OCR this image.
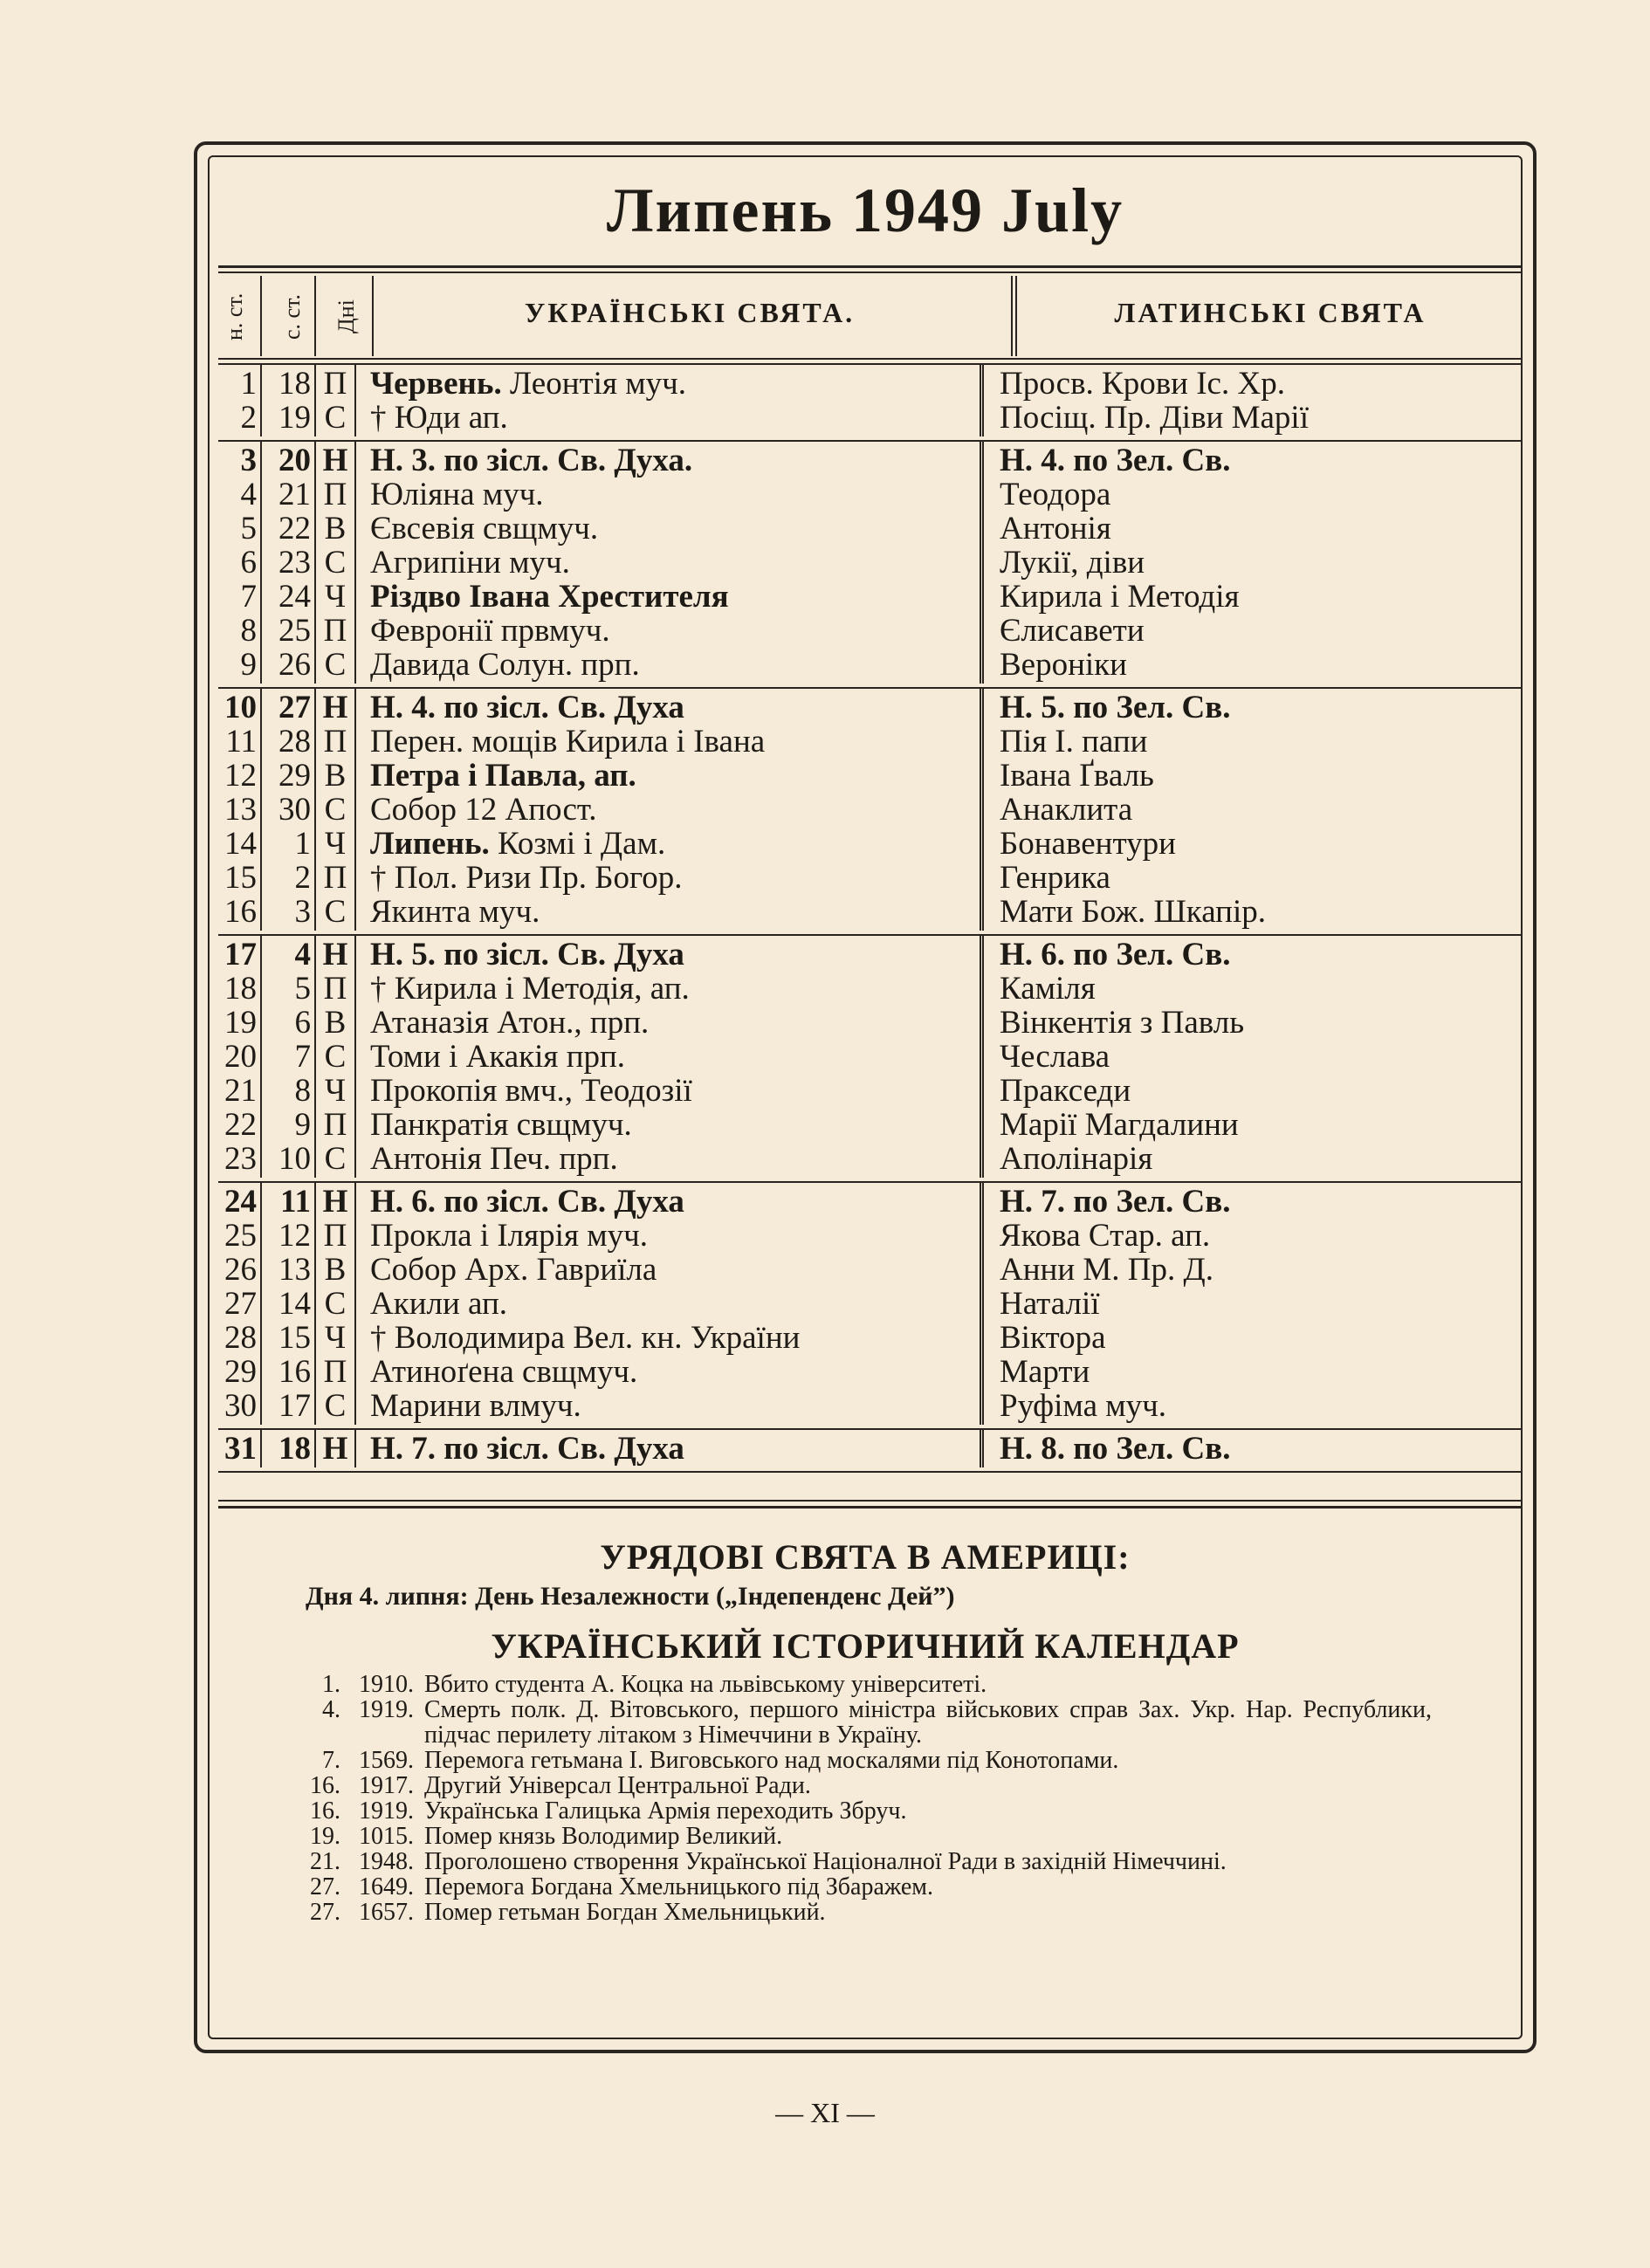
Липень 1949 July
н. ст. с. ст. Дні	УКРАЇНСЬКІ СВЯТА.	ЛАТИНСЬКІ СВЯТА
1 18 П Червень. Леонтія муч.	Просв. Крови Іс. Хр.
2 19 С † Юди ап.	Посіщ. Пр. Діви Марії
3 20 Н Н. 3. по зісл. Св. Духа.	Н. 4. по Зел. Св.
4 21 П Юліяна муч.	Теодора
5 22 В Євсевія свщмуч.	Антонія
6 23 С Агрипіни муч.	Лукії, діви
7 24 Ч Різдво Івана Хрестителя	Кирила і Методія
8 25 П Февронії првмуч.	Єлисавети
9 26 С Давида Солун. прп.	Вероніки
10 27 Н Н. 4. по зісл. Св. Духа	Н. 5. по Зел. Св.
11 28 П Перен. мощів Кирила і Івана	Пія І. папи
12 29 В Петра і Павла, ап.	Івана Ґваль
13 30 С Собор 12 Апост.	Анаклита
14	1 Ч Липень. Козмі і Дам.	Бонавентури
15	2 П † Пол. Ризи Пр. Богор.	Генрика
16	3 С Якинта муч.	Мати Бож. Шкапір.
17	4 Н Н. 5. по зісл. Св. Духа	Н. 6. по Зел. Св.
18	5 П † Кирила і Методія, ап.	Каміля
19	6 В Атаназія Атон., прп.	Вінкентія з Павль
20	7 С Томи і Акакія прп.	Чеслава
21	8 Ч Прокопія вмч., Теодозії	Пракседи
22	9 П Панкратія свщмуч.	Марії Магдалини
23 10 С Антонія Печ. прп.	Аполінарія
24 11 Н Н. 6. по зісл. Св. Духа	Н. 7. по Зел. Св.
25 12 П Прокла і Ілярія муч.	Якова Стар. ап.
26 13 В Собор Арх. Гавриїла	Анни М. Пр. Д.
27 14 С Акили ап.	Наталії
28 15 Ч † Володимира Вел. кн. України	Віктора
29 16 П Атиноґена свщмуч.	Марти
30 17 С Марини влмуч.	Руфіма муч.
31 18 Н Н. 7. по зісл. Св. Духа	Н. 8. по Зел. Св.
УРЯДОВІ СВЯТА В АМЕРИЦІ:
Дня 4. липня: День Незалежности („Індепенденс Дей”)
УКРАЇНСЬКИЙ ІСТОРИЧНИЙ КАЛЕНДАР
1. 1910. Вбито студента А. Коцка на львівському університеті.
4. 1919. Смерть полк. Д. Вітовського, першого міністра військових справ Зах. Укр. Нар. Республики, підчас перилету літаком з Німеччини в Україну.
7. 1569. Перемога гетьмана І. Виговського над москалями під Конотопами.
16. 1917. Другий Універсал Центральної Ради.
16. 1919. Українська Галицька Армія переходить Збруч.
19. 1015. Помер князь Володимир Великий.
21. 1948. Проголошено створення Української Націоналної Ради в західній Німеччині.
27. 1649. Перемога Богдана Хмельницького під Збаражем.
27. 1657. Помер гетьман Богдан Хмельницький.
— XI —
